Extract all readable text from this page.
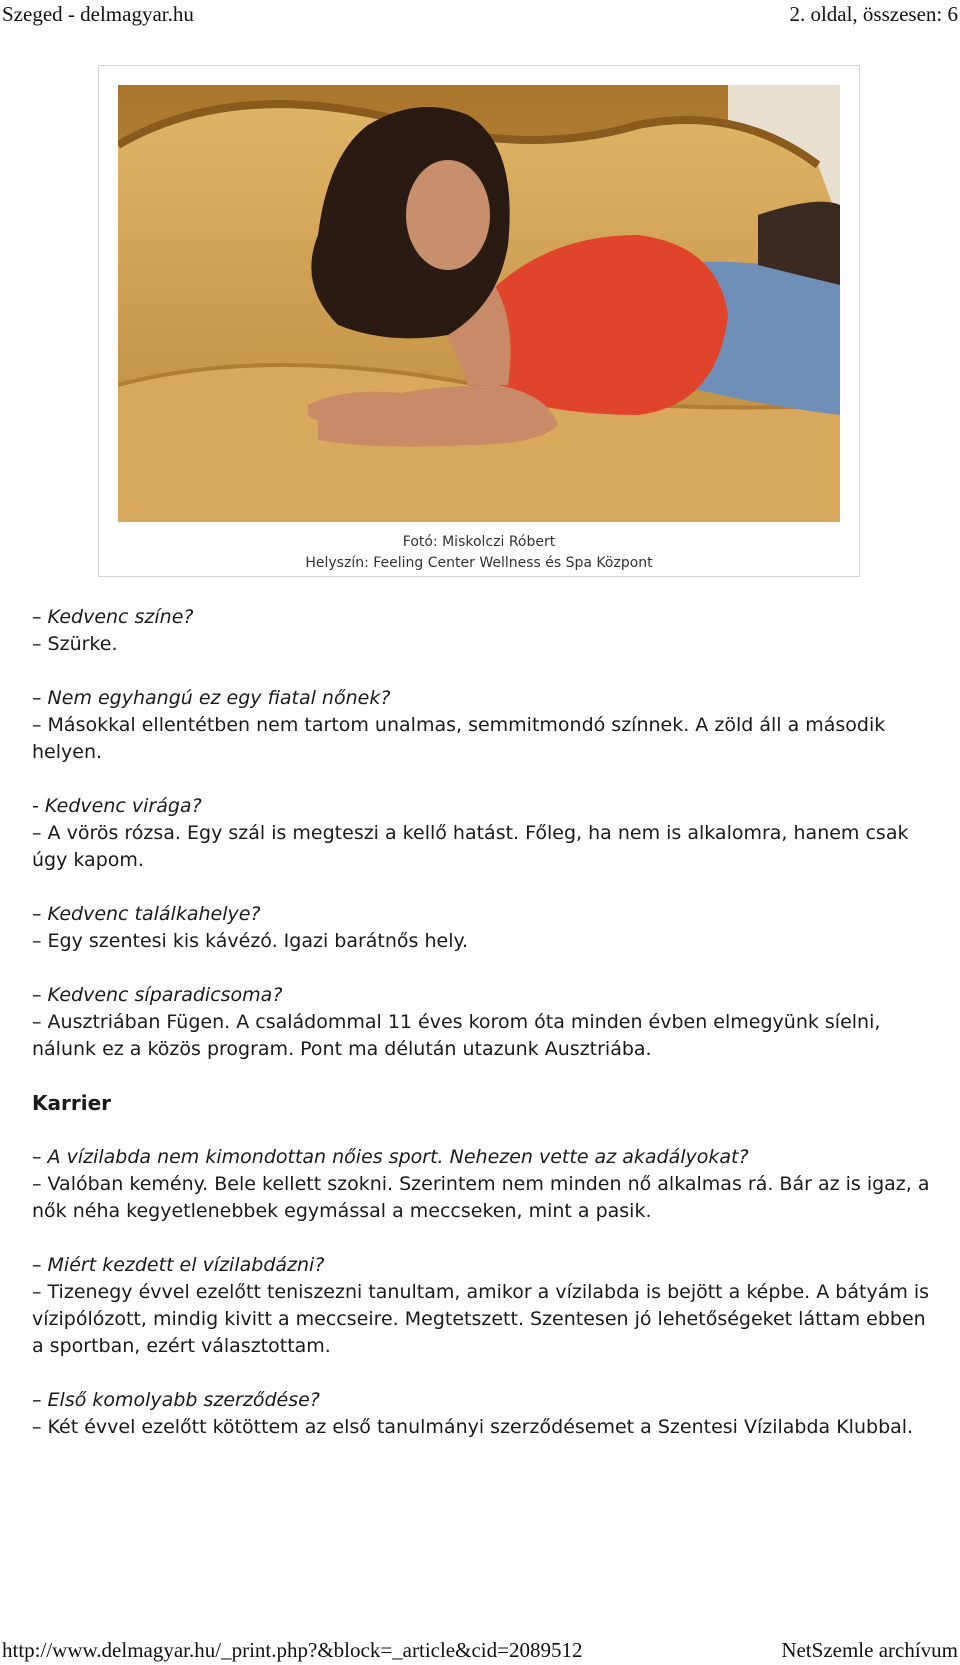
Szeged - delmagyar.hu	2. oldal, összesen: 6
Fotó: Miskolczi Róbert
Helyszín: Feeling Center Wellness és Spa Központ

– Kedvenc színe?

– Szürke.

– Nem egyhangú ez egy fiatal nőnek?

– Másokkal ellentétben nem tartom unalmas, semmitmondó színnek. A zöld áll a második helyen.

- Kedvenc virága?

– A vörös rózsa. Egy szál is megteszi a kellő hatást. Főleg, ha nem is alkalomra, hanem csak úgy kapom.

– Kedvenc találkahelye?

– Egy szentesi kis kávézó. Igazi barátnős hely.

– Kedvenc síparadicsoma?

– Ausztriában Fügen. A családommal 11 éves korom óta minden évben elmegyünk síelni, nálunk ez a közös program. Pont ma délután utazunk Ausztriába.

Karrier

– A vízilabda nem kimondottan nőies sport. Nehezen vette az akadályokat?

– Valóban kemény. Bele kellett szokni. Szerintem nem minden nő alkalmas rá. Bár az is igaz, a nők néha kegyetlenebbek egymással a meccseken, mint a pasik.

– Miért kezdett el vízilabdázni?

– Tizenegy évvel ezelőtt teniszezni tanultam, amikor a vízilabda is bejött a képbe. A bátyám is vízipólózott, mindig kivitt a meccseire. Megtetszett. Szentesen jó lehetőségeket láttam ebben a sportban, ezért választottam.

– Első komolyabb szerződése?

– Két évvel ezelőtt kötöttem az első tanulmányi szerződésemet a Szentesi Vízilabda Klubbal.

http://www.delmagyar.hu/_print.php?&block=_article&cid=2089512	NetSzemle archívum
